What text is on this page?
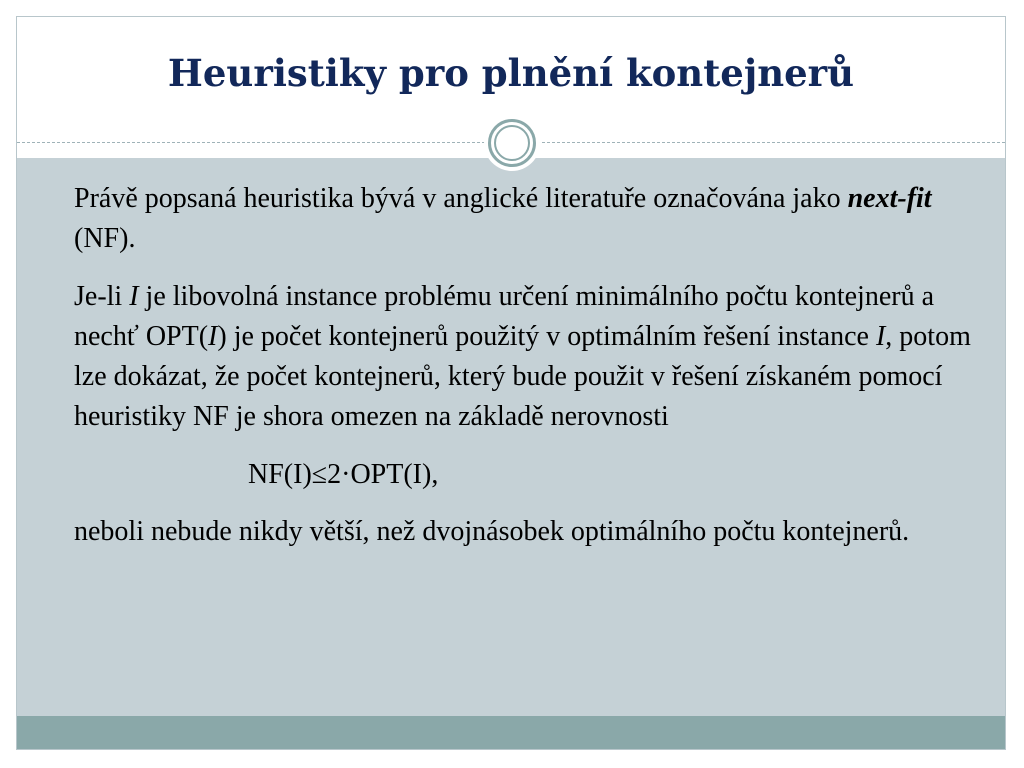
Heuristiky pro plnění kontejnerů

Právě popsaná heuristika bývá v anglické literatuře označována jako next-fit (NF).

Je-li I je libovolná instance problému určení minimálního počtu kontejnerů a nechť OPT(I) je počet kontejnerů použitý v optimálním řešení instance I, potom lze dokázat, že počet kontejnerů, který bude použit v řešení získaném pomocí heuristiky NF je shora omezen na základě nerovnosti

NF(I)≤2·OPT(I),

neboli nebude nikdy větší, než dvojnásobek optimálního počtu kontejnerů.
